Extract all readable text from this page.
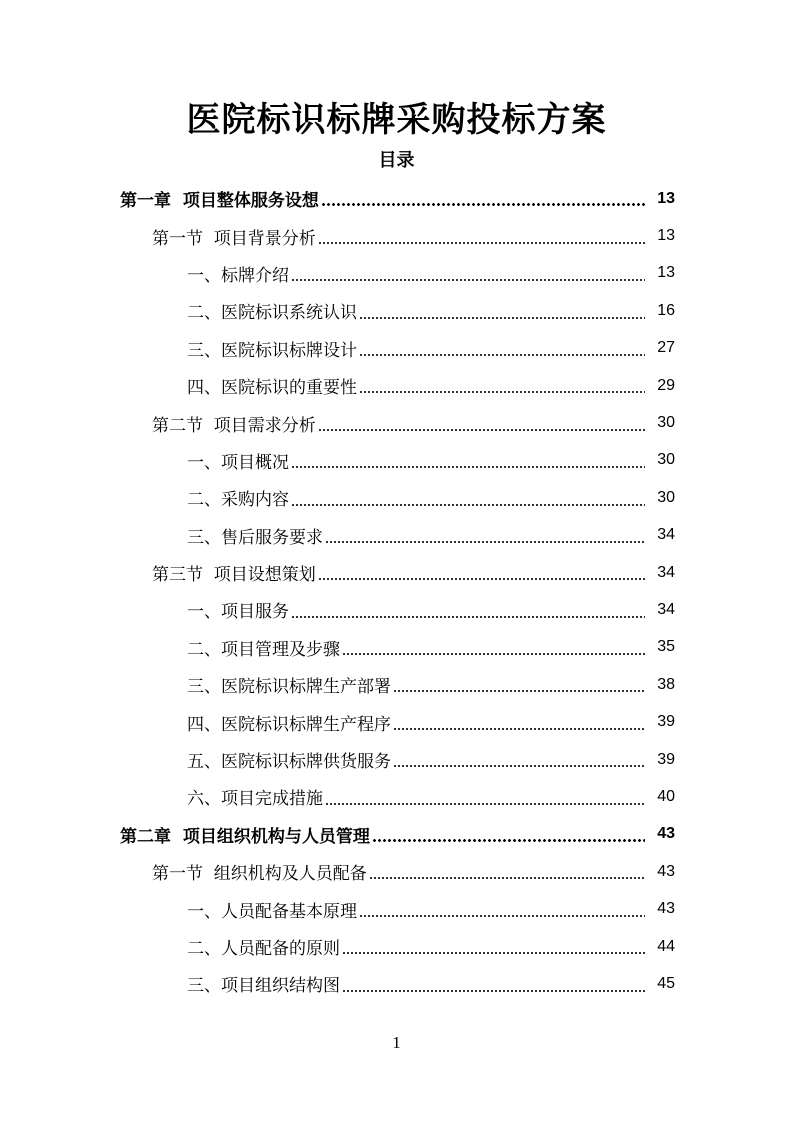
医院标识标牌采购投标方案
目录
第一章  项目整体服务设想	13
第一节  项目背景分析	13
一、标牌介绍	13
二、医院标识系统认识	16
三、医院标识标牌设计	27
四、医院标识的重要性	29
第二节  项目需求分析	30
一、项目概况	30
二、采购内容	30
三、售后服务要求	34
第三节  项目设想策划	34
一、项目服务	34
二、项目管理及步骤	35
三、医院标识标牌生产部署	38
四、医院标识标牌生产程序	39
五、医院标识标牌供货服务	39
六、项目完成措施	40
第二章  项目组织机构与人员管理	43
第一节  组织机构及人员配备	43
一、人员配备基本原理	43
二、人员配备的原则	44
三、项目组织结构图	45
1
